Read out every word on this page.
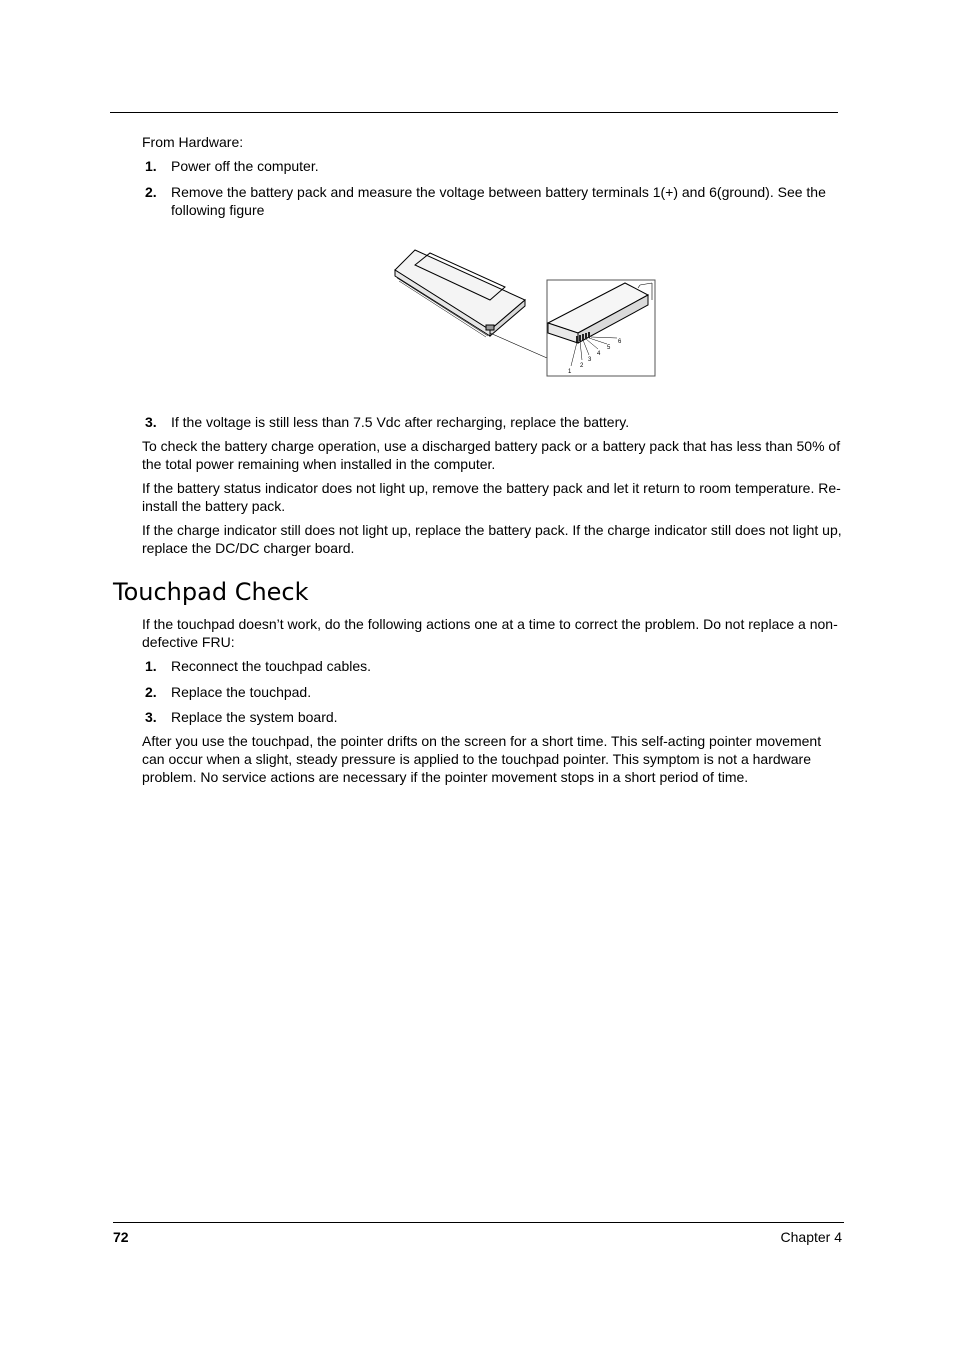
From Hardware:

1. Power off the computer.
2. Remove the battery pack and measure the voltage between battery terminals 1(+) and 6(ground). See the following figure
1
2
3
4
5
6
3. If the voltage is still less than 7.5 Vdc after recharging, replace the battery.

To check the battery charge operation, use a discharged battery pack or a battery pack that has less than 50% of the total power remaining when installed in the computer.

If the battery status indicator does not light up, remove the battery pack and let it return to room temperature. Re-install the battery pack.

If the charge indicator still does not light up, replace the battery pack. If the charge indicator still does not light up, replace the DC/DC charger board.

Touchpad Check

If the touchpad doesn’t work, do the following actions one at a time to correct the problem. Do not replace a non-defective FRU:

1. Reconnect the touchpad cables.
2. Replace the touchpad.
3. Replace the system board.

After you use the touchpad, the pointer drifts on the screen for a short time. This self-acting pointer movement can occur when a slight, steady pressure is applied to the touchpad pointer. This symptom is not a hardware problem. No service actions are necessary if the pointer movement stops in a short period of time.

72	Chapter 4
